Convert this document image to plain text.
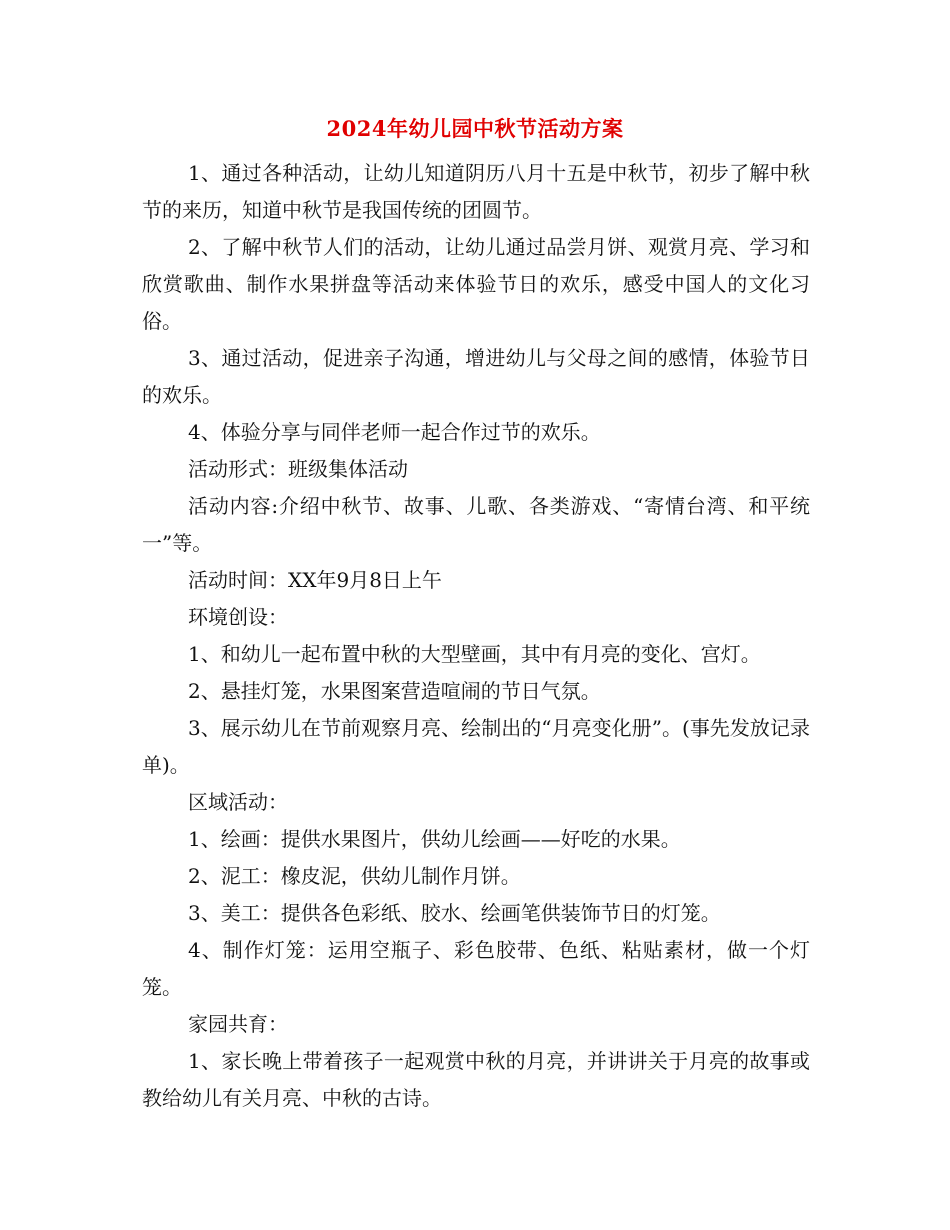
2024年幼儿园中秋节活动方案

1、通过各种活动，让幼儿知道阴历八月十五是中秋节，初步了解中秋节的来历，知道中秋节是我国传统的团圆节。

2、了解中秋节人们的活动，让幼儿通过品尝月饼、观赏月亮、学习和欣赏歌曲、制作水果拼盘等活动来体验节日的欢乐，感受中国人的文化习俗。

3、通过活动，促进亲子沟通，增进幼儿与父母之间的感情，体验节日的欢乐。

4、体验分享与同伴老师一起合作过节的欢乐。

活动形式：班级集体活动

活动内容:介绍中秋节、故事、儿歌、各类游戏、“寄情台湾、和平统一”等。

活动时间：XX年9月8日上午

环境创设：

1、和幼儿一起布置中秋的大型壁画，其中有月亮的变化、宫灯。

2、悬挂灯笼，水果图案营造喧闹的节日气氛。

3、展示幼儿在节前观察月亮、绘制出的“月亮变化册”。(事先发放记录单)。

区域活动：

1、绘画：提供水果图片，供幼儿绘画——好吃的水果。

2、泥工：橡皮泥，供幼儿制作月饼。

3、美工：提供各色彩纸、胶水、绘画笔供装饰节日的灯笼。

4、制作灯笼：运用空瓶子、彩色胶带、色纸、粘贴素材，做一个灯笼。

家园共育：

1、家长晚上带着孩子一起观赏中秋的月亮，并讲讲关于月亮的故事或教给幼儿有关月亮、中秋的古诗。
